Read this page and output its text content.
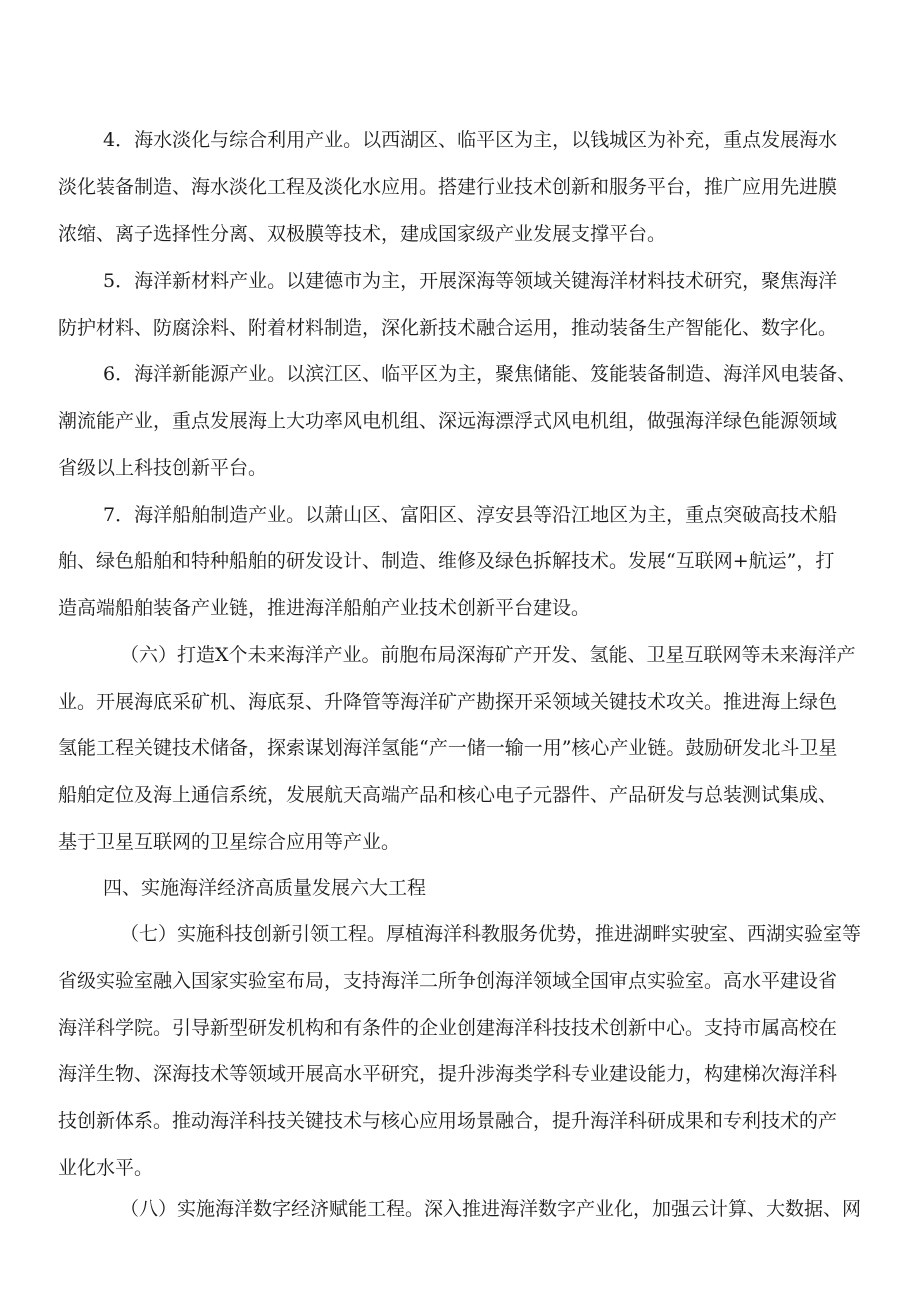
4．海水淡化与综合利用产业。以西湖区、临平区为主，以钱城区为补充，重点发展海水
淡化装备制造、海水淡化工程及淡化水应用。搭建行业技术创新和服务平台，推广应用先进膜
浓缩、离子选择性分离、双极膜等技术，建成国家级产业发展支撑平台。
5．海洋新材料产业。以建德市为主，开展深海等领域关键海洋材料技术研究，聚焦海洋
防护材料、防腐涂料、附着材料制造，深化新技术融合运用，推动装备生产智能化、数字化。
6．海洋新能源产业。以滨江区、临平区为主，聚焦储能、笈能装备制造、海洋风电装备、
潮流能产业，重点发展海上大功率风电机组、深远海漂浮式风电机组，做强海洋绿色能源领域
省级以上科技创新平台。
7．海洋船舶制造产业。以萧山区、富阳区、淳安县等沿江地区为主，重点突破高技术船
舶、绿色船舶和特种船舶的研发设计、制造、维修及绿色拆解技术。发展“互联网+航运”，打
造高端船舶装备产业链，推进海洋船舶产业技术创新平台建设。
（六）打造X个未来海洋产业。前胞布局深海矿产开发、氢能、卫星互联网等未来海洋产
业。开展海底采矿机、海底泵、升降管等海洋矿产勘探开采领域关键技术攻关。推进海上绿色
氢能工程关键技术储备，探索谋划海洋氢能“产一储一输一用”核心产业链。鼓励研发北斗卫星
船舶定位及海上通信系统，发展航天高端产品和核心电子元器件、产品研发与总装测试集成、
基于卫星互联网的卫星综合应用等产业。
四、实施海洋经济高质量发展六大工程
（七）实施科技创新引领工程。厚植海洋科教服务优势，推进湖畔实驶室、西湖实验室等
省级实验室融入国家实验室布局，支持海洋二所争创海洋领域全国审点实验室。高水平建设省
海洋科学院。引导新型研发机构和有条件的企业创建海洋科技技术创新中心。支持市属高校在
海洋生物、深海技术等领域开展高水平研究，提升涉海类学科专业建设能力，构建梯次海洋科
技创新体系。推动海洋科技关键技术与核心应用场景融合，提升海洋科研成果和专利技术的产
业化水平。
（八）实施海洋数字经济赋能工程。深入推进海洋数字产业化，加强云计算、大数据、网
